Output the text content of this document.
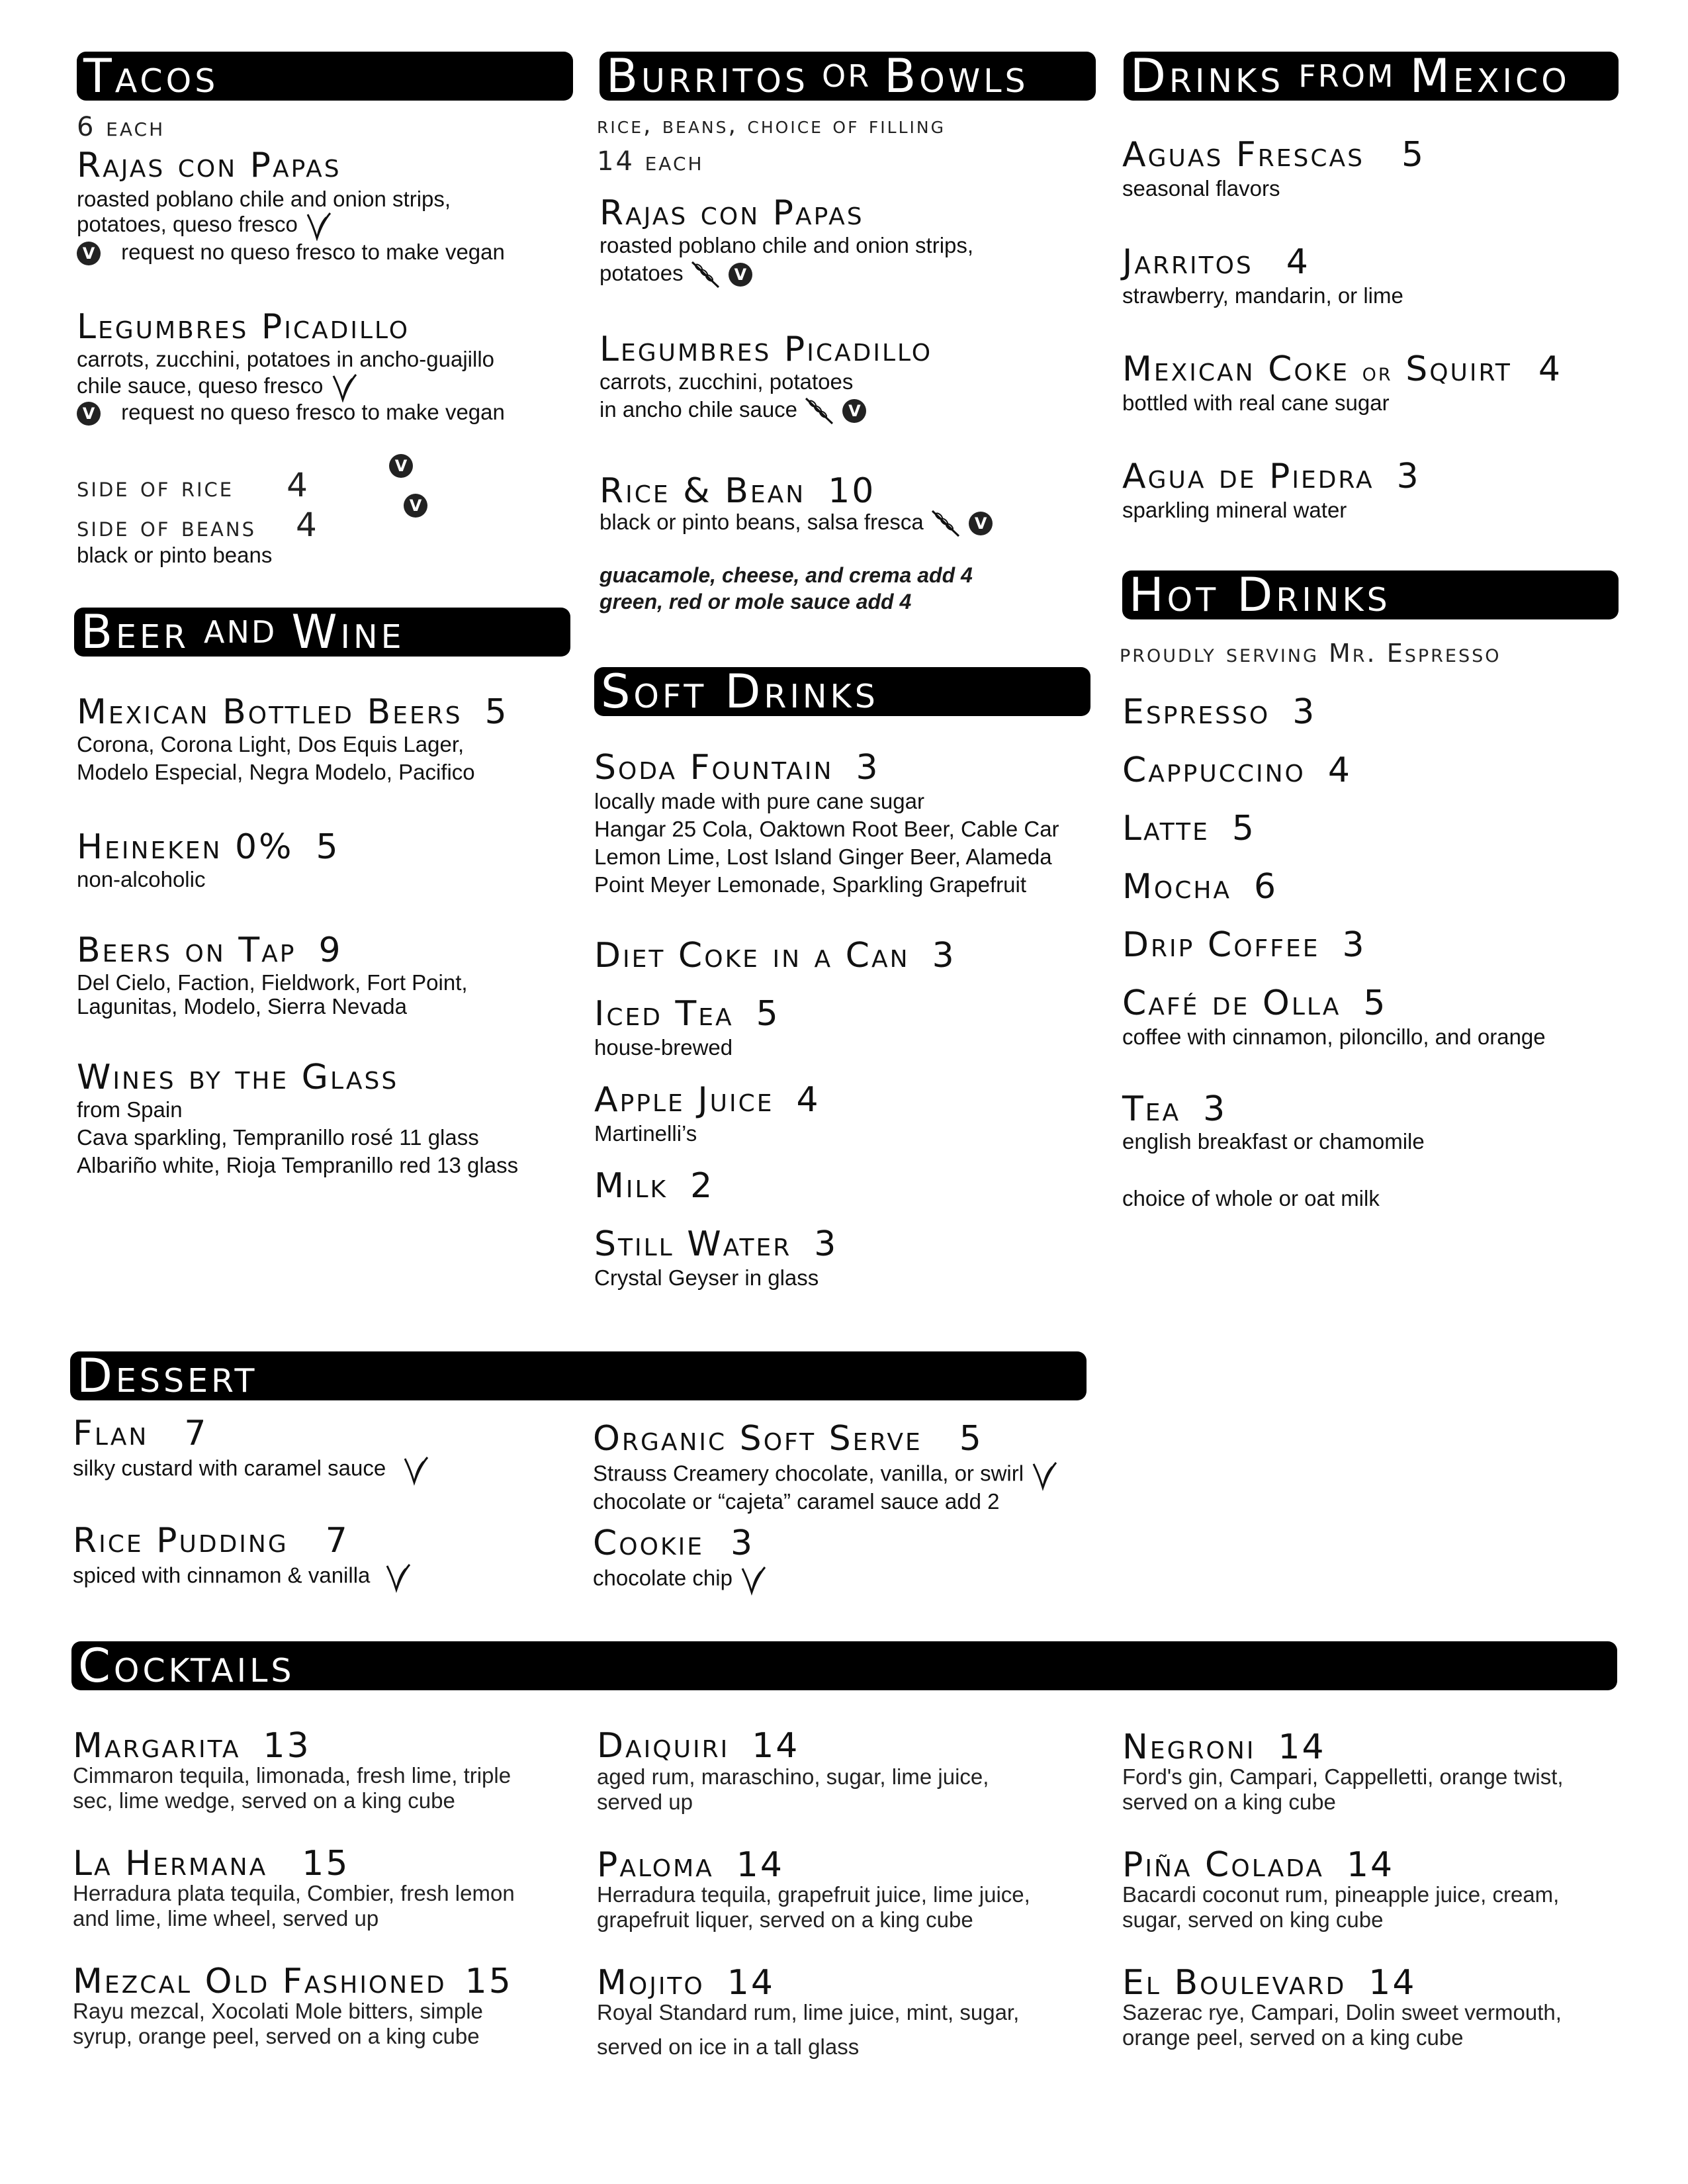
Tacos
6 each
Rajas con Papas
roasted poblano chile and onion strips,
potatoes, queso fresco
V request no queso fresco to make vegan
Legumbres Picadillo
carrots, zucchini, potatoes in ancho-guajillo
chile sauce, queso fresco
V request no queso fresco to make vegan
side of rice 4	V
side of beans 4	V
black or pinto beans
Beer AND Wine
Mexican Bottled Beers 5
Corona, Corona Light, Dos Equis Lager,
Modelo Especial, Negra Modelo, Pacifico
Heineken 0% 5
non-alcoholic
Beers on Tap 9
Del Cielo, Faction, Fieldwork, Fort Point,
Lagunitas, Modelo, Sierra Nevada
Wines by the Glass
from Spain
Cava sparkling, Tempranillo rosé 11 glass
Albariño white, Rioja Tempranillo red 13 glass
Burritos OR Bowls
rice, beans, choice of filling
14 each
Rajas con Papas
roasted poblano chile and onion strips,
potatoes	V
Legumbres Picadillo
carrots, zucchini, potatoes
in ancho chile sauce	V
Rice & Bean 10
black or pinto beans, salsa fresca	V
guacamole, cheese, and crema add 4
green, red or mole sauce add 4
Soft Drinks
Soda Fountain 3
locally made with pure cane sugar
Hangar 25 Cola, Oaktown Root Beer, Cable Car
Lemon Lime, Lost Island Ginger Beer, Alameda
Point Meyer Lemonade, Sparkling Grapefruit
Diet Coke in a Can 3
Iced Tea 5
house-brewed
Apple Juice 4
Martinelli’s
Milk 2
Still Water 3
Crystal Geyser in glass
Drinks FROM Mexico
Aguas Frescas 5
seasonal flavors
Jarritos 4
strawberry, mandarin, or lime
Mexican Coke or Squirt 4
bottled with real cane sugar
Agua de Piedra 3
sparkling mineral water
Hot Drinks
proudly serving Mr. Espresso
Espresso 3
Cappuccino 4
Latte 5
Mocha 6
Drip Coffee 3
Café de Olla 5
coffee with cinnamon, piloncillo, and orange
Tea 3
english breakfast or chamomile
choice of whole or oat milk
Dessert
Flan 7
silky custard with caramel sauce
Rice Pudding 7
spiced with cinnamon & vanilla
Organic Soft Serve 5
Strauss Creamery chocolate, vanilla, or swirl
chocolate or “cajeta” caramel sauce add 2
Cookie 3
chocolate chip
Cocktails
Margarita 13
Cimmaron tequila, limonada, fresh lime, triple
sec, lime wedge, served on a king cube
La Hermana 15
Herradura plata tequila, Combier, fresh lemon
and lime, lime wheel, served up
Mezcal Old Fashioned 15
Rayu mezcal, Xocolati Mole bitters, simple
syrup, orange peel, served on a king cube
Daiquiri 14
aged rum, maraschino, sugar, lime juice,
served up
Paloma 14
Herradura tequila, grapefruit juice, lime juice,
grapefruit liquer, served on a king cube
Mojito 14
Royal Standard rum, lime juice, mint, sugar,
served on ice in a tall glass
Negroni 14
Ford's gin, Campari, Cappelletti, orange twist,
served on a king cube
Piña Colada 14
Bacardi coconut rum, pineapple juice, cream,
sugar, served on king cube
El Boulevard 14
Sazerac rye, Campari, Dolin sweet vermouth,
orange peel, served on a king cube
